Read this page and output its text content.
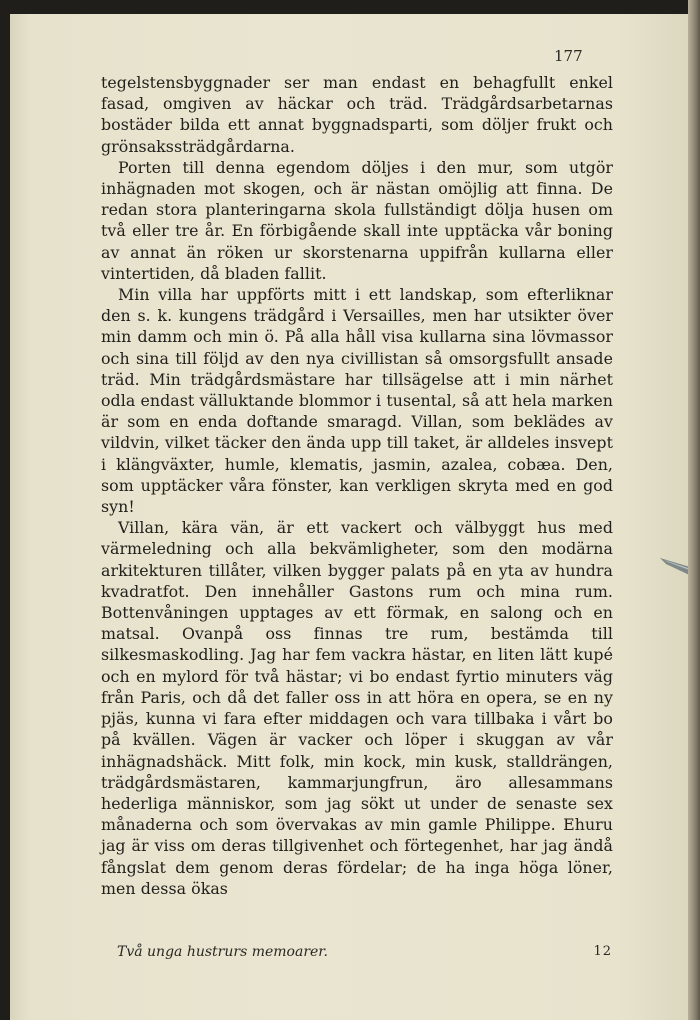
177

tegelstensbyggnader ser man endast en behagfullt enkel fasad, omgiven av häckar och träd. Trädgårdsarbetarnas bostäder bilda ett annat byggnadsparti, som döljer frukt och grönsakssträdgårdarna.

Porten till denna egendom döljes i den mur, som utgör inhägnaden mot skogen, och är nästan omöjlig att finna. De redan stora planteringarna skola fullständigt dölja husen om två eller tre år. En förbigående skall inte upptäcka vår boning av annat än röken ur skorstenarna uppifrån kullarna eller vintertiden, då bladen fallit.

Min villa har uppförts mitt i ett landskap, som efterliknar den s. k. kungens trädgård i Versailles, men har utsikter över min damm och min ö. På alla håll visa kullarna sina lövmassor och sina till följd av den nya civillistan så omsorgsfullt ansade träd. Min trädgårdsmästare har tillsägelse att i min närhet odla endast välluktande blommor i tusental, så att hela marken är som en enda doftande smaragd. Villan, som beklädes av vildvin, vilket täcker den ända upp till taket, är alldeles insvept i klängväxter, humle, klematis, jasmin, azalea, cobæa. Den, som upptäcker våra fönster, kan verkligen skryta med en god syn!

Villan, kära vän, är ett vackert och välbyggt hus med värmeledning och alla bekvämligheter, som den modärna arkitekturen tillåter, vilken bygger palats på en yta av hundra kvadratfot. Den innehåller Gastons rum och mina rum. Bottenvåningen upptages av ett förmak, en salong och en matsal. Ovanpå oss finnas tre rum, bestämda till silkesmaskodling. Jag har fem vackra hästar, en liten lätt kupé och en mylord för två hästar; vi bo endast fyrtio minuters väg från Paris, och då det faller oss in att höra en opera, se en ny pjäs, kunna vi fara efter middagen och vara tillbaka i vårt bo på kvällen. Vägen är vacker och löper i skuggan av vår inhägnadshäck. Mitt folk, min kock, min kusk, stalldrängen, trädgårdsmästaren, kammarjungfrun, äro allesammans hederliga människor, som jag sökt ut under de senaste sex månaderna och som övervakas av min gamle Philippe. Ehuru jag är viss om deras tillgivenhet och förtegenhet, har jag ändå fångslat dem genom deras fördelar; de ha inga höga löner, men dessa ökas

Två unga hustrurs memoarer.	12
